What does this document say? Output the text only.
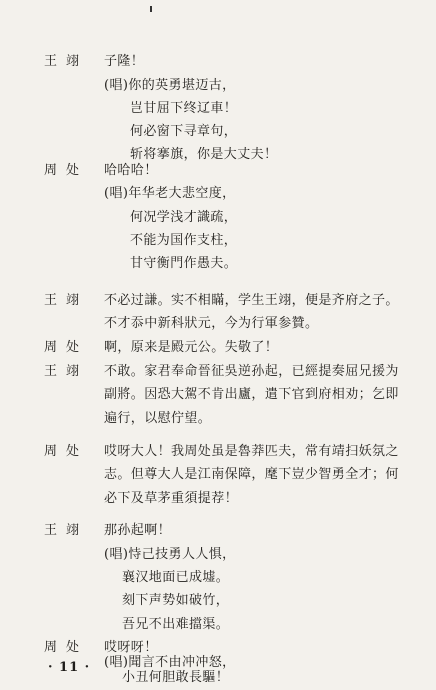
王翊 子隆！
(唱)你的英勇堪迈古，
岂甘屈下终辽車！
何必窗下寻章句，
斩将搴旗，你是大丈夫！
周处 哈哈哈！
(唱)年华老大悲空度，
何况学浅才識疏，
不能为国作支柱，
甘守衡門作愚夫。
王翊 不必过謙。实不相瞞，学生王翊，便是齐府之子。
不才忝中新科狀元，今为行軍参贊。
周处 啊，原来是殿元公。失敬了！
王翊 不敢。家君奉命晉征吳逆孙起，已經提奏屈兄援为
副將。因恐大駕不肯出廬，遣下官到府相劝；乞即
遍行，以慰佇望。
周处 哎呀大人！我周处虽是魯莽匹夫，常有靖扫妖氛之
志。但尊大人是江南保障，麾下豈少智勇全才；何
必下及草茅重須提荐！
王翊 那孙起啊！
(唱)恃己技勇人人惧，
襄汉地面已成墟。
刻下声势如破竹，
吾兄不出难擋渠。
周处 哎呀呀！
(唱)聞言不由冲冲怒，
小丑何胆敢長驅！
· 11 ·
